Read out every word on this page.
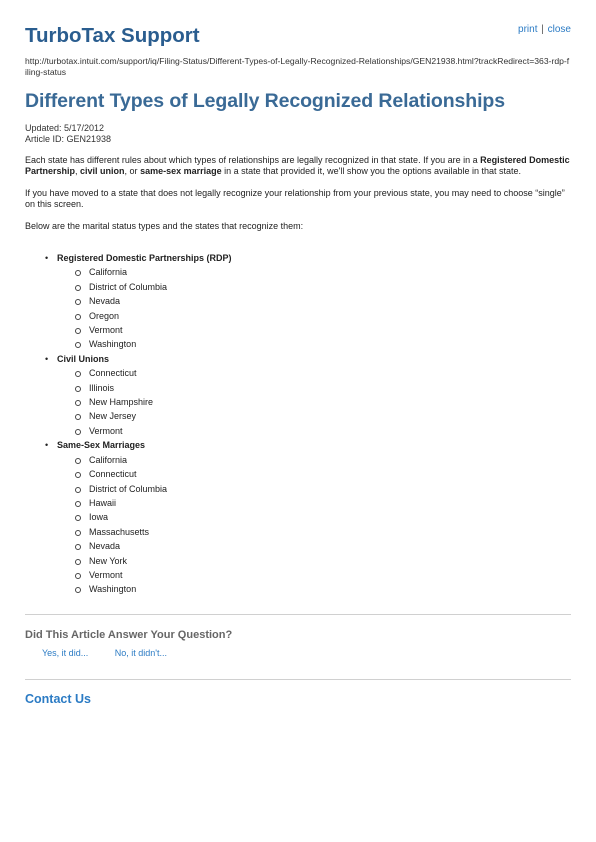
TurboTax Support	print | close

http://turbotax.intuit.com/support/iq/Filing-Status/Different-Types-of-Legally-Recognized-Relationships/GEN21938.html?trackRedirect=363-rdp-filing-status

Different Types of Legally Recognized Relationships
Updated: 5/17/2012
Article ID: GEN21938

Each state has different rules about which types of relationships are legally recognized in that state. If you are in a Registered Domestic Partnership, civil union, or same-sex marriage in a state that provided it, we'll show you the options available in that state.

If you have moved to a state that does not legally recognize your relationship from your previous state, you may need to choose “single” on this screen.

Below are the marital status types and the states that recognize them:

• Registered Domestic Partnerships (RDP)
California
District of Columbia
Nevada
Oregon
Vermont
Washington
• Civil Unions
Connecticut
Illinois
New Hampshire
New Jersey
Vermont
• Same-Sex Marriages
California
Connecticut
District of Columbia
Hawaii
Iowa
Massachusetts
Nevada
New York
Vermont
Washington
Did This Article Answer Your Question?
Yes, it did...	No, it didn't...
Contact Us
